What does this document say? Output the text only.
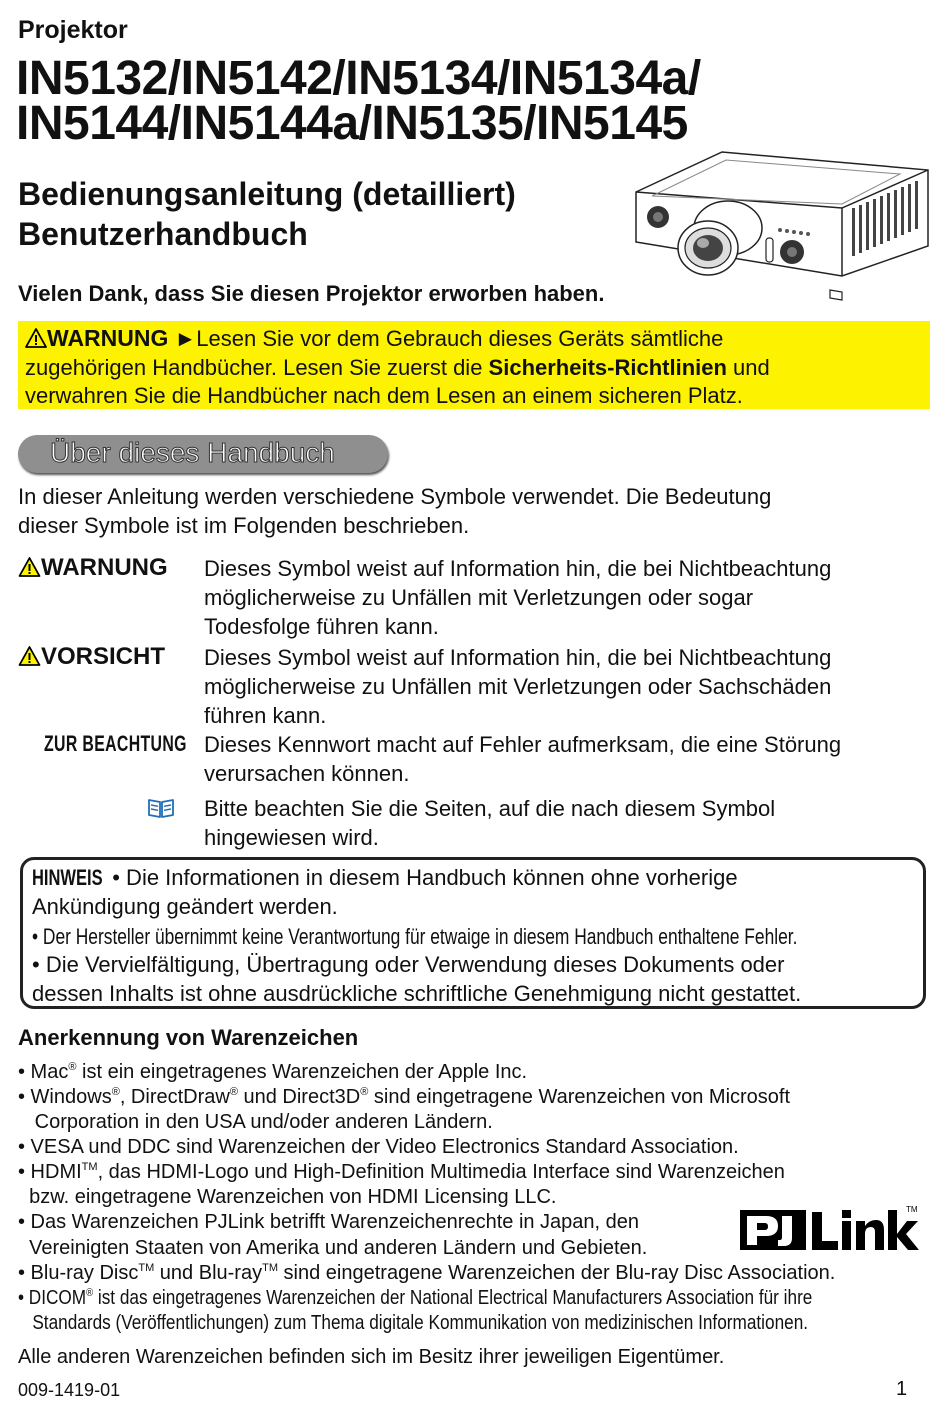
Projektor
IN5132/IN5142/IN5134/IN5134a/
IN5144/IN5144a/IN5135/IN5145
Bedienungsanleitung (detailliert)
Benutzerhandbuch
Vielen Dank, dass Sie diesen Projektor erworben haben.
WARNUNG ►Lesen Sie vor dem Gebrauch dieses Geräts sämtliche
zugehörigen Handbücher. Lesen Sie zuerst die Sicherheits-Richtlinien und
verwahren Sie die Handbücher nach dem Lesen an einem sicheren Platz.
Über dieses Handbuch
In dieser Anleitung werden verschiedene Symbole verwendet. Die Bedeutung
dieser Symbole ist im Folgenden beschrieben.
WARNUNG Dieses Symbol weist auf Information hin, die bei Nichtbeachtung
möglicherweise zu Unfällen mit Verletzungen oder sogar
Todesfolge führen kann.
VORSICHT Dieses Symbol weist auf Information hin, die bei Nichtbeachtung
möglicherweise zu Unfällen mit Verletzungen oder Sachschäden
führen kann.
ZUR BEACHTUNG Dieses Kennwort macht auf Fehler aufmerksam, die eine Störung
verursachen können.
Bitte beachten Sie die Seiten, auf die nach diesem Symbol
hingewiesen wird.
HINWEIS • Die Informationen in diesem Handbuch können ohne vorherige
Ankündigung geändert werden.
• Der Hersteller übernimmt keine Verantwortung für etwaige in diesem Handbuch enthaltene Fehler.
• Die Vervielfältigung, Übertragung oder Verwendung dieses Dokuments oder
dessen Inhalts ist ohne ausdrückliche schriftliche Genehmigung nicht gestattet.
Anerkennung von Warenzeichen
• Mac® ist ein eingetragenes Warenzeichen der Apple Inc.
• Windows®, DirectDraw® und Direct3D® sind eingetragene Warenzeichen von Microsoft
Corporation in den USA und/oder anderen Ländern.
• VESA und DDC sind Warenzeichen der Video Electronics Standard Association.
• HDMI™, das HDMI-Logo und High-Definition Multimedia Interface sind Warenzeichen
bzw. eingetragene Warenzeichen von HDMI Licensing LLC.
• Das Warenzeichen PJLink betrifft Warenzeichenrechte in Japan, den
Vereinigten Staaten von Amerika und anderen Ländern und Gebieten.
• Blu-ray Disc™ und Blu-ray™ sind eingetragene Warenzeichen der Blu-ray Disc Association.
• DICOM® ist das eingetragenes Warenzeichen der National Electrical Manufacturers Association für ihre
Standards (Veröffentlichungen) zum Thema digitale Kommunikation von medizinischen Informationen.
TM
Alle anderen Warenzeichen befinden sich im Besitz ihrer jeweiligen Eigentümer.
009-1419-01	1
